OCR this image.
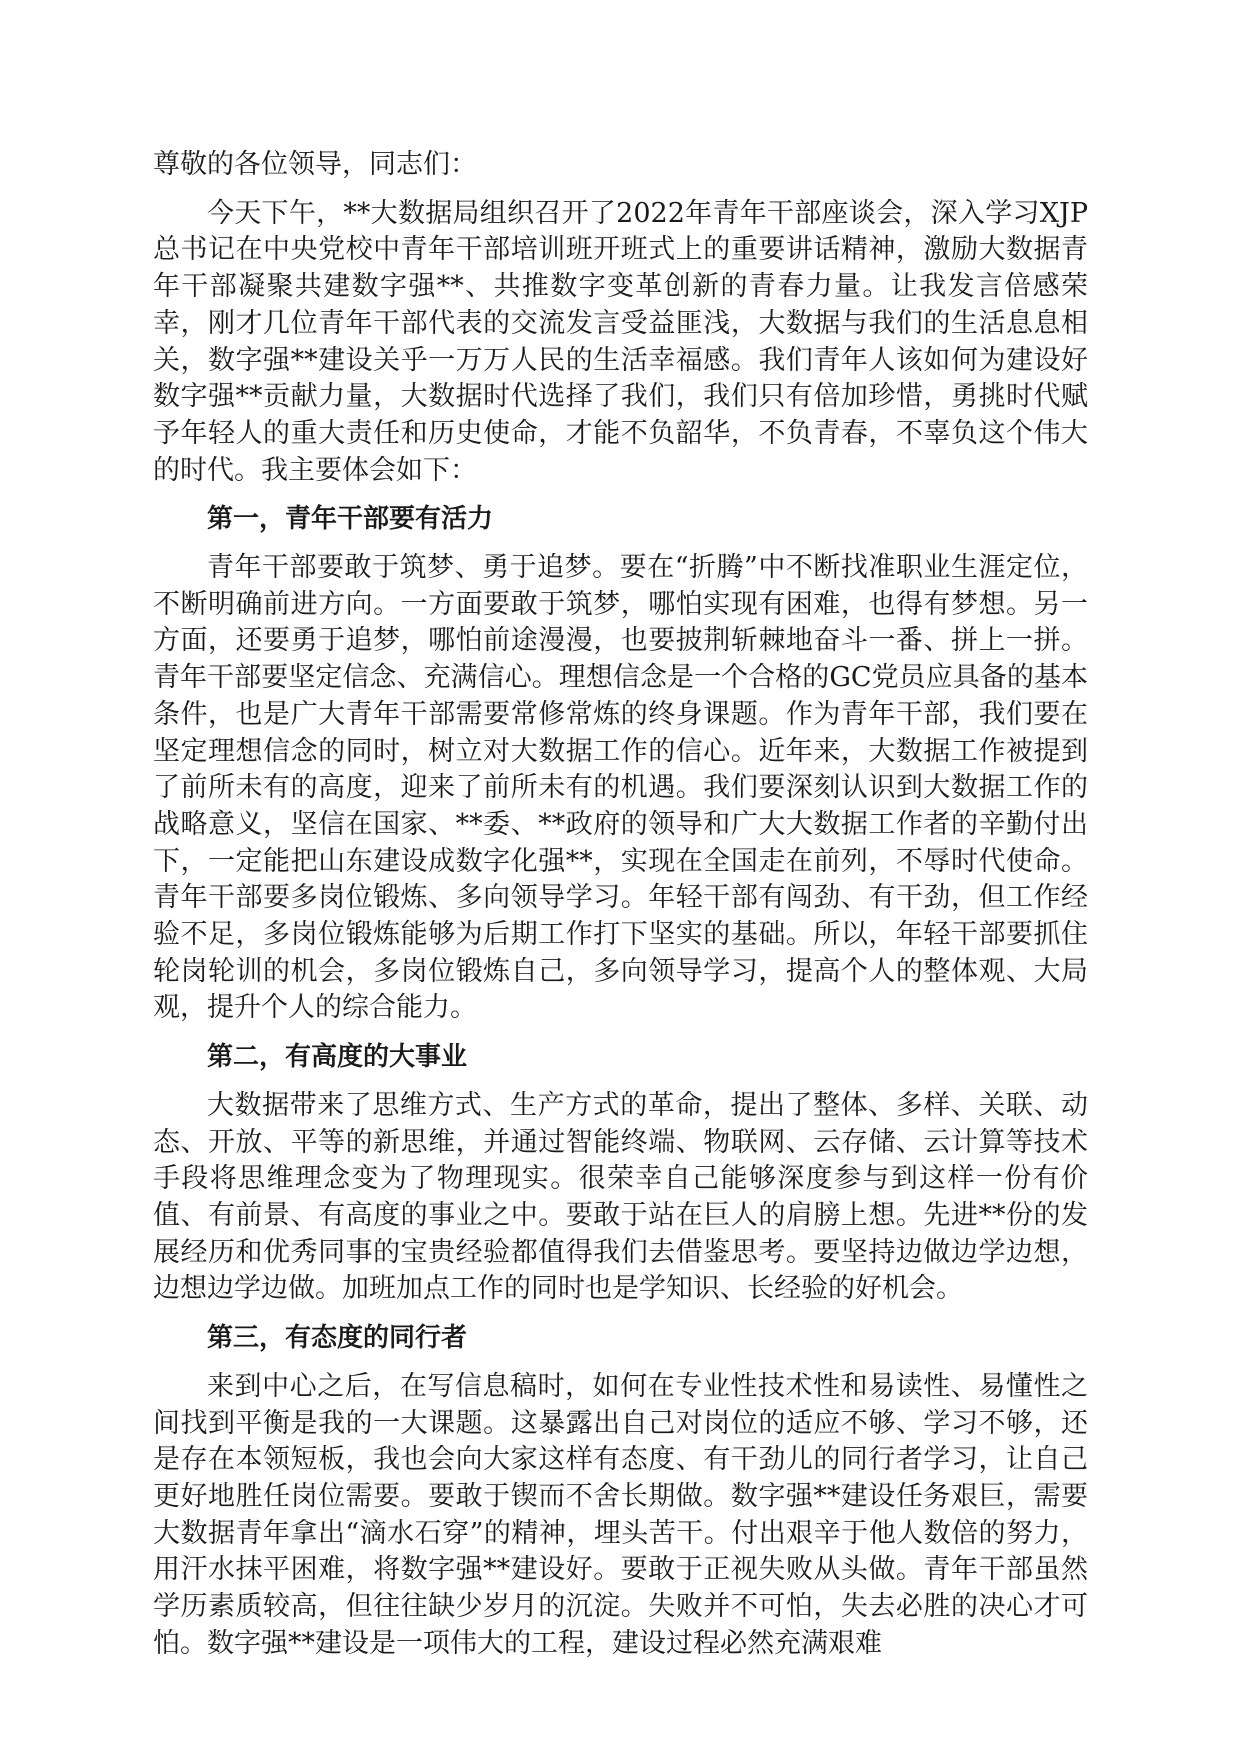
尊敬的各位领导，同志们：

今天下午，**大数据局组织召开了2022年青年干部座谈会，深入学习XJP总书记在中央党校中青年干部培训班开班式上的重要讲话精神，激励大数据青年干部凝聚共建数字强**、共推数字变革创新的青春力量。让我发言倍感荣幸，刚才几位青年干部代表的交流发言受益匪浅，大数据与我们的生活息息相关，数字强**建设关乎一万万人民的生活幸福感。我们青年人该如何为建设好数字强**贡献力量，大数据时代选择了我们，我们只有倍加珍惜，勇挑时代赋予年轻人的重大责任和历史使命，才能不负韶华，不负青春，不辜负这个伟大的时代。我主要体会如下：

第一，青年干部要有活力

青年干部要敢于筑梦、勇于追梦。要在“折腾”中不断找准职业生涯定位，不断明确前进方向。一方面要敢于筑梦，哪怕实现有困难，也得有梦想。另一方面，还要勇于追梦，哪怕前途漫漫，也要披荆斩棘地奋斗一番、拼上一拼。青年干部要坚定信念、充满信心。理想信念是一个合格的GC党员应具备的基本条件，也是广大青年干部需要常修常炼的终身课题。作为青年干部，我们要在坚定理想信念的同时，树立对大数据工作的信心。近年来，大数据工作被提到了前所未有的高度，迎来了前所未有的机遇。我们要深刻认识到大数据工作的战略意义，坚信在国家、**委、**政府的领导和广大大数据工作者的辛勤付出下，一定能把山东建设成数字化强**，实现在全国走在前列，不辱时代使命。青年干部要多岗位锻炼、多向领导学习。年轻干部有闯劲、有干劲，但工作经验不足，多岗位锻炼能够为后期工作打下坚实的基础。所以，年轻干部要抓住轮岗轮训的机会，多岗位锻炼自己，多向领导学习，提高个人的整体观、大局观，提升个人的综合能力。

第二，有高度的大事业

大数据带来了思维方式、生产方式的革命，提出了整体、多样、关联、动态、开放、平等的新思维，并通过智能终端、物联网、云存储、云计算等技术手段将思维理念变为了物理现实。很荣幸自己能够深度参与到这样一份有价值、有前景、有高度的事业之中。要敢于站在巨人的肩膀上想。先进**份的发展经历和优秀同事的宝贵经验都值得我们去借鉴思考。要坚持边做边学边想，边想边学边做。加班加点工作的同时也是学知识、长经验的好机会。

第三，有态度的同行者

来到中心之后，在写信息稿时，如何在专业性技术性和易读性、易懂性之间找到平衡是我的一大课题。这暴露出自己对岗位的适应不够、学习不够，还是存在本领短板，我也会向大家这样有态度、有干劲儿的同行者学习，让自己更好地胜任岗位需要。要敢于锲而不舍长期做。数字强**建设任务艰巨，需要大数据青年拿出“滴水石穿”的精神，埋头苦干。付出艰辛于他人数倍的努力，用汗水抹平困难，将数字强**建设好。要敢于正视失败从头做。青年干部虽然学历素质较高，但往往缺少岁月的沉淀。失败并不可怕，失去必胜的决心才可怕。数字强**建设是一项伟大的工程，建设过程必然充满艰难
